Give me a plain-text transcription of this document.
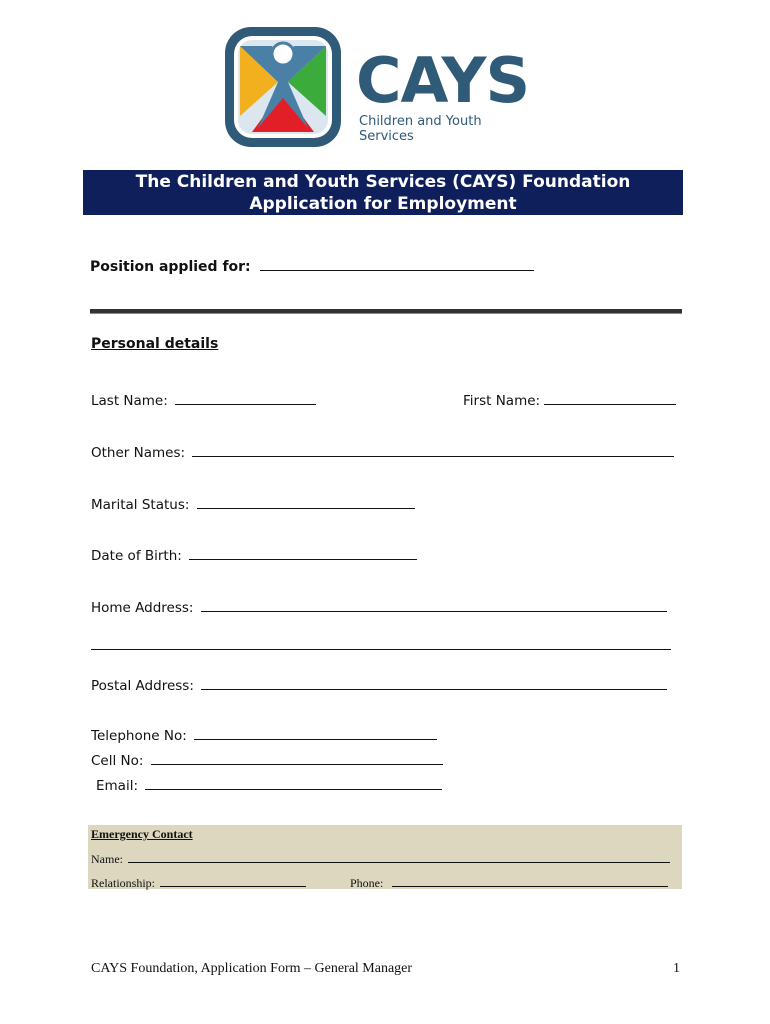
CAYS
Children and Youth Services
The Children and Youth Services (CAYS) Foundation
Application for Employment
Position applied for:
Personal details
Last Name:	First Name:
Other Names:
Marital Status:
Date of Birth:
Home Address:
Postal Address:
Telephone No:
Cell No:
Email:
Emergency Contact
Name:
Relationship:	Phone:
CAYS Foundation, Application Form – General Manager	1
